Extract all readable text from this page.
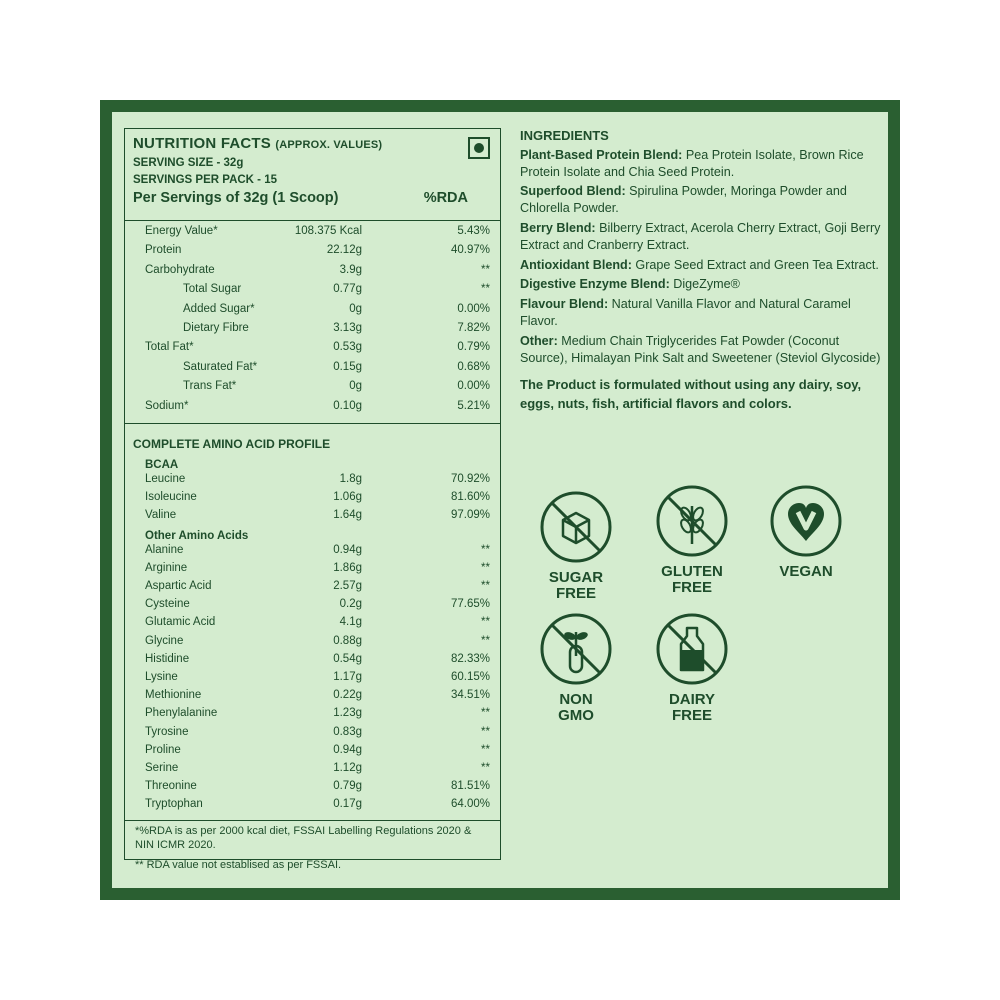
NUTRITION FACTS (APPROX. VALUES)
SERVING SIZE - 32g
SERVINGS PER PACK - 15
Per Servings of 32g (1 Scoop)	%RDA
Energy Value*	108.375 Kcal	5.43%
Protein	22.12g	40.97%
Carbohydrate	3.9g	**
Total Sugar	0.77g	**
Added Sugar*	0g	0.00%
Dietary Fibre	3.13g	7.82%
Total Fat*	0.53g	0.79%
Saturated Fat*	0.15g	0.68%
Trans Fat*	0g	0.00%
Sodium*	0.10g	5.21%
COMPLETE AMINO ACID PROFILE
BCAA
Leucine	1.8g	70.92%
Isoleucine	1.06g	81.60%
Valine	1.64g	97.09%
Other Amino Acids
Alanine	0.94g	**
Arginine	1.86g	**
Aspartic Acid	2.57g	**
Cysteine	0.2g	77.65%
Glutamic Acid	4.1g	**
Glycine	0.88g	**
Histidine	0.54g	82.33%
Lysine	1.17g	60.15%
Methionine	0.22g	34.51%
Phenylalanine	1.23g	**
Tyrosine	0.83g	**
Proline	0.94g	**
Serine	1.12g	**
Threonine	0.79g	81.51%
Tryptophan	0.17g	64.00%
*%RDA is as per 2000 kcal diet, FSSAI Labelling Regulations 2020 & NIN ICMR 2020.
** RDA value not establised as per FSSAI.
INGREDIENTS

Plant-Based Protein Blend: Pea Protein Isolate, Brown Rice Protein Isolate and Chia Seed Protein.

Superfood Blend: Spirulina Powder, Moringa Powder and Chlorella Powder.

Berry Blend: Bilberry Extract, Acerola Cherry Extract, Goji Berry Extract and Cranberry Extract.

Antioxidant Blend: Grape Seed Extract and Green Tea Extract.

Digestive Enzyme Blend: DigeZyme®

Flavour Blend: Natural Vanilla Flavor and Natural Caramel Flavor.

Other: Medium Chain Triglycerides Fat Powder (Coconut Source), Himalayan Pink Salt and Sweetener (Steviol Glycoside)

The Product is formulated without using any dairy, soy, eggs, nuts, fish, artificial flavors and colors.
SUGAR
FREE
GLUTEN
FREE
VEGAN
NON
GMO
DAIRY
FREE
